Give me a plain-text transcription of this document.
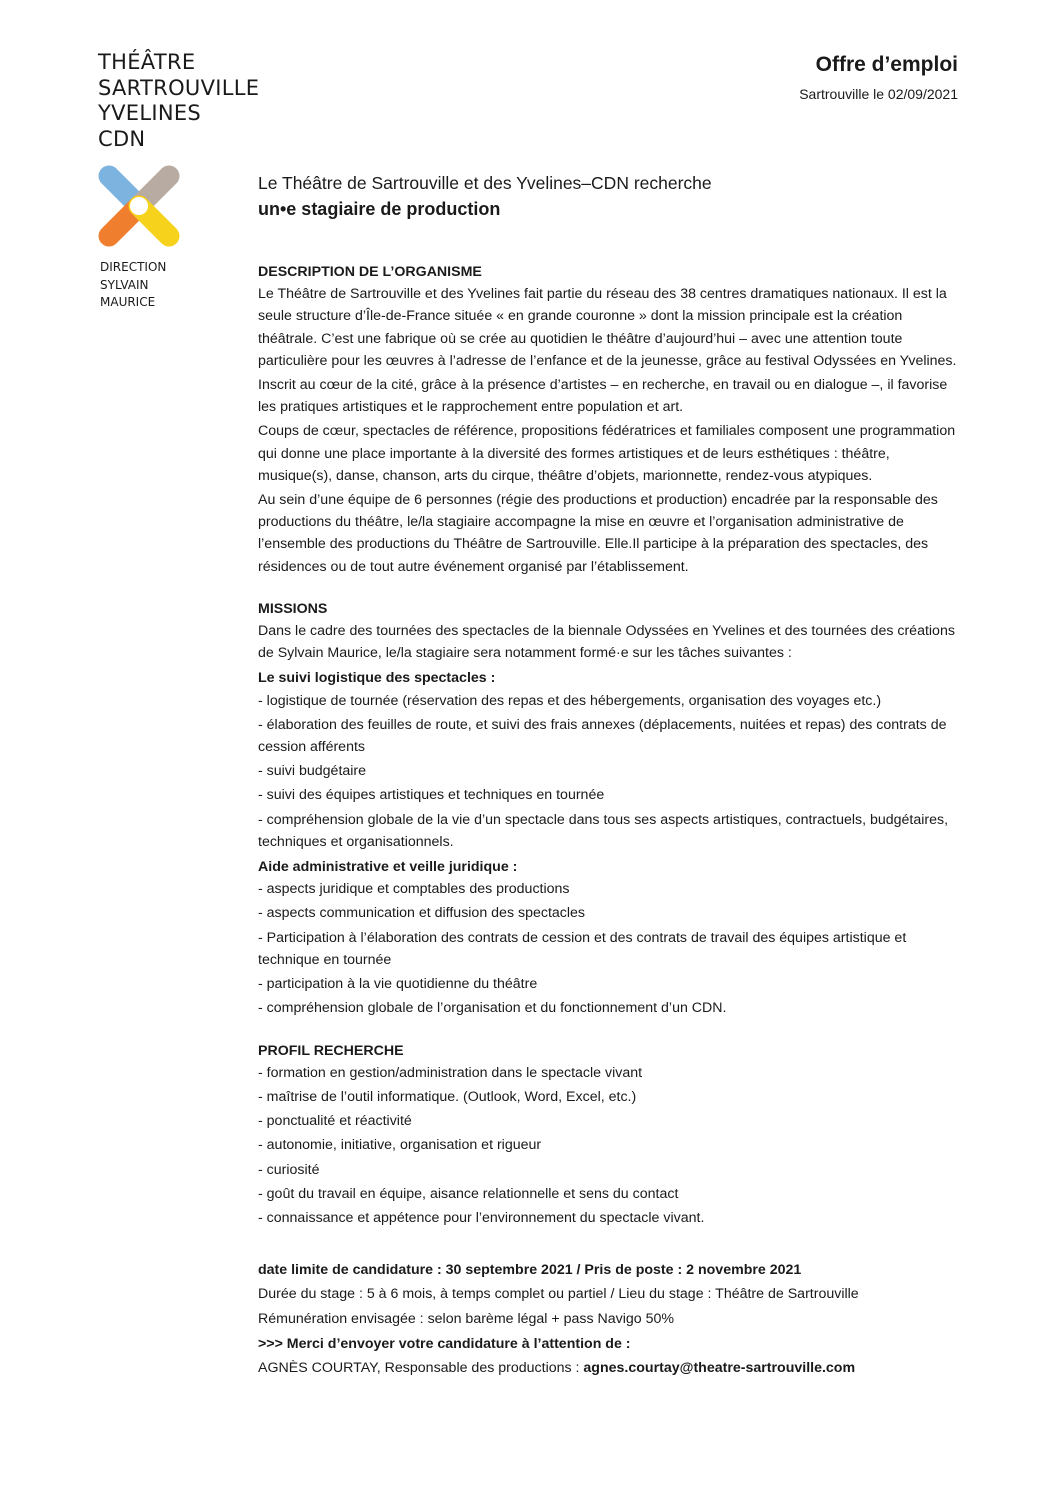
THÉÂTRE
SARTROUVILLE
YVELINES
CDN
DIRECTION
SYLVAIN
MAURICE
Offre d’emploi
Sartrouville le 02/09/2021
Le Théâtre de Sartrouville et des Yvelines–CDN recherche
un•e stagiaire de production
DESCRIPTION DE L’ORGANISME

Le Théâtre de Sartrouville et des Yvelines fait partie du réseau des 38 centres dramatiques nationaux. Il est la seule structure d’Île-de-France située « en grande couronne » dont la mission principale est la création théâtrale. C’est une fabrique où se crée au quotidien le théâtre d’aujourd’hui – avec une attention toute particulière pour les œuvres à l’adresse de l’enfance et de la jeunesse, grâce au festival Odyssées en Yvelines.

Inscrit au cœur de la cité, grâce à la présence d’artistes – en recherche, en travail ou en dialogue –, il favorise les pratiques artistiques et le rapprochement entre population et art.

Coups de cœur, spectacles de référence, propositions fédératrices et familiales composent une programmation qui donne une place importante à la diversité des formes artistiques et de leurs esthétiques : théâtre, musique(s), danse, chanson, arts du cirque, théâtre d’objets, marionnette, rendez-vous atypiques.

Au sein d’une équipe de 6 personnes (régie des productions et production) encadrée par la responsable des productions du théâtre, le/la stagiaire accompagne la mise en œuvre et l’organisation administrative de l’ensemble des productions du Théâtre de Sartrouville. Elle.Il participe à la préparation des spectacles, des résidences ou de tout autre événement organisé par l’établissement.

MISSIONS

Dans le cadre des tournées des spectacles de la biennale Odyssées en Yvelines et des tournées des créations de Sylvain Maurice, le/la stagiaire sera notamment formé·e sur les tâches suivantes :

Le suivi logistique des spectacles :
- logistique de tournée (réservation des repas et des hébergements, organisation des voyages etc.)
- élaboration des feuilles de route, et suivi des frais annexes (déplacements, nuitées et repas) des contrats de cession afférents
- suivi budgétaire
- suivi des équipes artistiques et techniques en tournée
- compréhension globale de la vie d’un spectacle dans tous ses aspects artistiques, contractuels, budgétaires, techniques et organisationnels.
Aide administrative et veille juridique :
- aspects juridique et comptables des productions
- aspects communication et diffusion des spectacles
- Participation à l’élaboration des contrats de cession et des contrats de travail des équipes artistique et technique en tournée
- participation à la vie quotidienne du théâtre
- compréhension globale de l’organisation et du fonctionnement d’un CDN.
PROFIL RECHERCHE
- formation en gestion/administration dans le spectacle vivant
- maîtrise de l’outil informatique. (Outlook, Word, Excel, etc.)
- ponctualité et réactivité
- autonomie, initiative, organisation et rigueur
- curiosité
- goût du travail en équipe, aisance relationnelle et sens du contact
- connaissance et appétence pour l’environnement du spectacle vivant.
date limite de candidature : 30 septembre 2021 / Pris de poste : 2 novembre 2021
Durée du stage : 5 à 6 mois, à temps complet ou partiel / Lieu du stage : Théâtre de Sartrouville
Rémunération envisagée : selon barème légal + pass Navigo 50%
>>> Merci d’envoyer votre candidature à l’attention de :
AGNÈS COURTAY, Responsable des productions : agnes.courtay@theatre-sartrouville.com
